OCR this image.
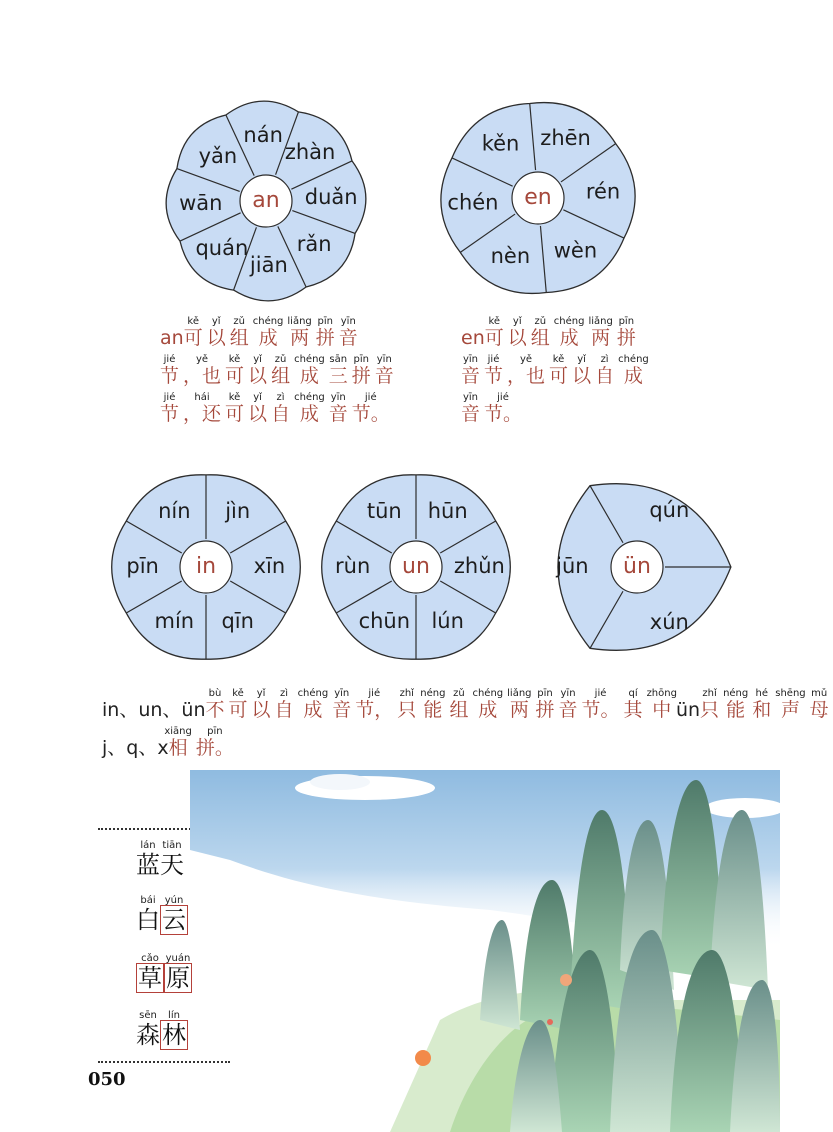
wān
yǎn
nán
zhàn
duǎn
rǎn
jiān
quán
an	chén
kěn zhēn
rén
wèn
nèn
en
pīn
nín jìn
xīn
qīn
mín
in	rùn
tūn hūn
zhǔn
lún
chūn
un	jūn
qún
xún
ün
an可kě以yǐ组zǔ成chéng两liǎng拼pīn音yīn
节jié，也yě可kě以yǐ组zǔ成chéng三sān拼pīn音yīn
节jié，还hái可kě以yǐ自zì成chéng音yīn节。jié
en可kě以yǐ组zǔ成chéng两liǎng拼pīn
音yīn节jié，也yě可kě以yǐ自zì成chéng
音yīn节。jié
in、un、ün不bù可kě以yǐ自zì成chéng音yīn节，jié只zhǐ能néng组zǔ成chéng两liǎng拼pīn音yīn节。jié其qí中zhōngün只zhǐ能néng和hé声shēng母mǔ
j、q、x相xiāng拼。pīn
蓝lán天tiān
白bái云yún
草cǎo原yuán
森sēn林lín
050
